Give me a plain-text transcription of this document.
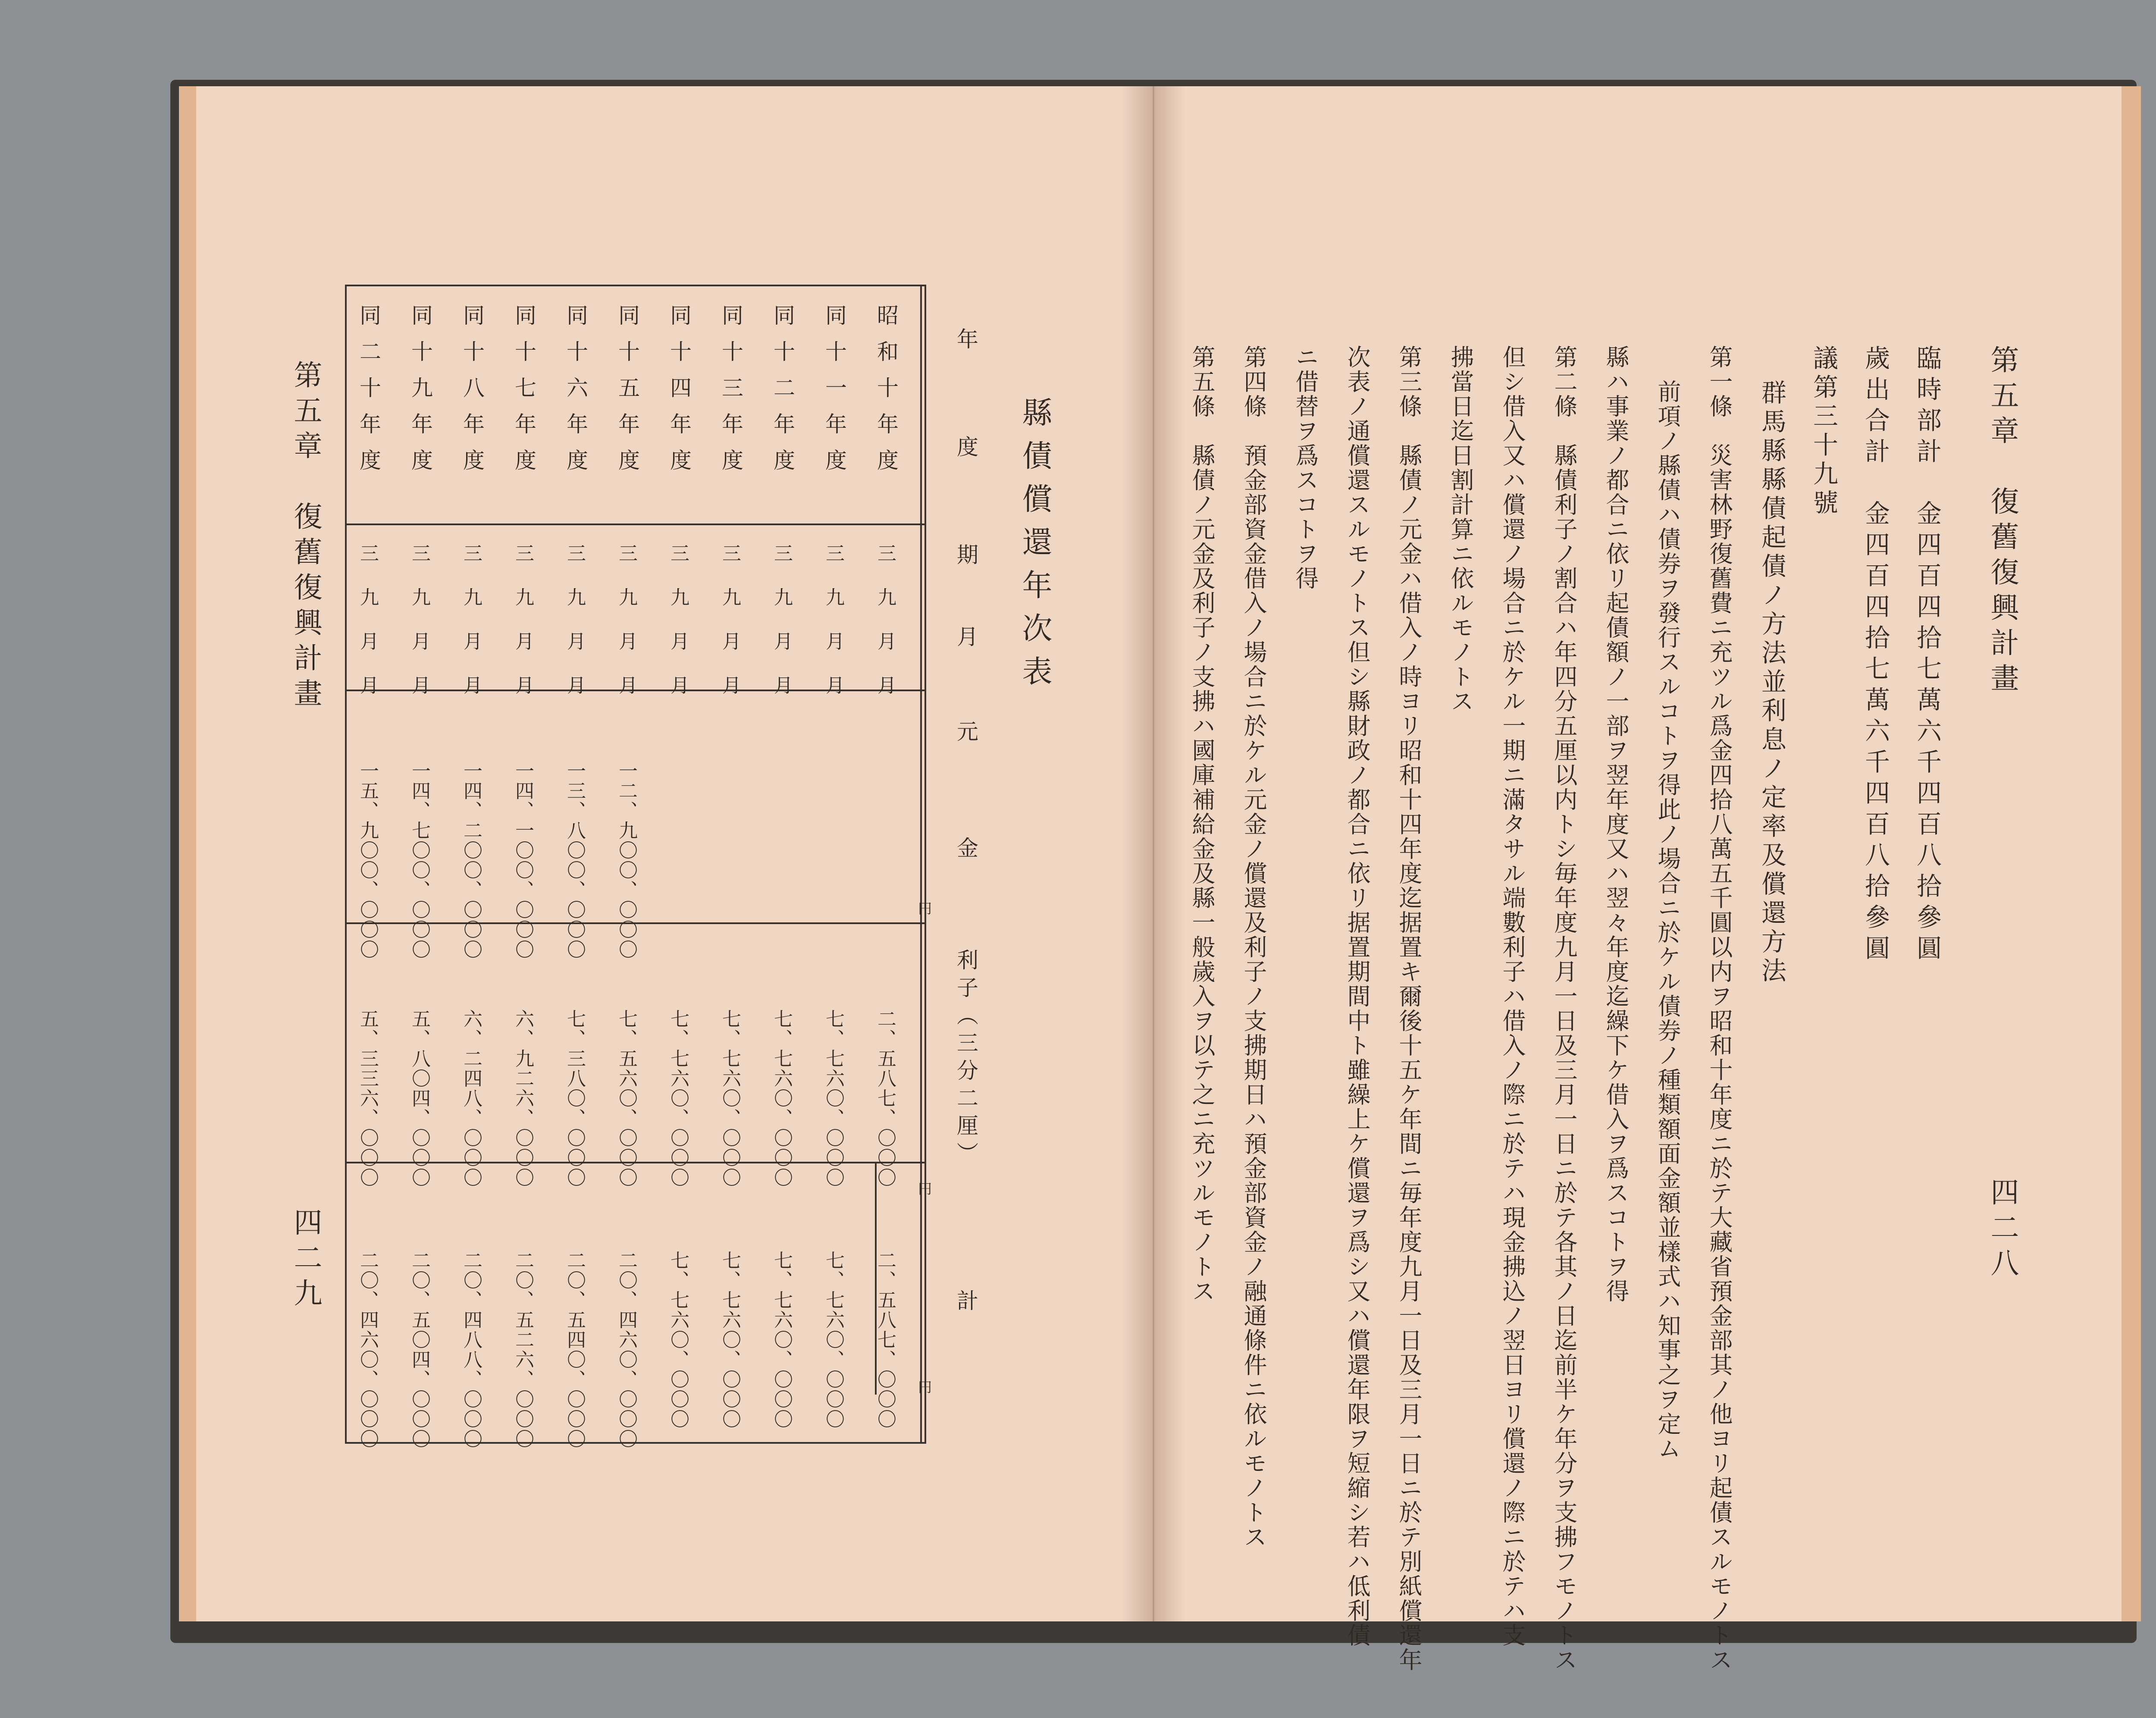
第五章　復舊復興計畫
四二九
縣債償還年次表
年度
期月
元金
利子（三分二厘）
計
円
円
円
昭和十年度
三九月月
二、五八七、〇〇〇
二、五八七、〇〇〇
同十一年度
三九月月
七、七六〇、〇〇〇
七、七六〇、〇〇〇
同十二年度
三九月月
七、七六〇、〇〇〇
七、七六〇、〇〇〇
同十三年度
三九月月
七、七六〇、〇〇〇
七、七六〇、〇〇〇
同十四年度
三九月月
七、七六〇、〇〇〇
七、七六〇、〇〇〇
同十五年度
三九月月
一二、九〇〇、〇〇〇
七、五六〇、〇〇〇
二〇、四六〇、〇〇〇
同十六年度
三九月月
一三、八〇〇、〇〇〇
七、三八〇、〇〇〇
二〇、五四〇、〇〇〇
同十七年度
三九月月
一四、一〇〇、〇〇〇
六、九二六、〇〇〇
二〇、五二六、〇〇〇
同十八年度
三九月月
一四、二〇〇、〇〇〇
六、二四八、〇〇〇
二〇、四八八、〇〇〇
同十九年度
三九月月
一四、七〇〇、〇〇〇
五、八〇四、〇〇〇
二〇、五〇四、〇〇〇
同二十年度
三九月月
一五、九〇〇、〇〇〇
五、三三六、〇〇〇
二〇、四六〇、〇〇〇
第五章　復舊復興計畫
四二八
臨時部計　金四百四拾七萬六千四百八拾參圓
歲出合計　金四百四拾七萬六千四百八拾參圓
議第三十九號
群馬縣縣債起債ノ方法並利息ノ定率及償還方法
第一條　災害林野復舊費ニ充ツル爲金四拾八萬五千圓以内ヲ昭和十年度ニ於テ大藏省預金部其ノ他ヨリ起債スルモノトス
前項ノ縣債ハ債券ヲ發行スルコトヲ得此ノ場合ニ於ケル債券ノ種類額面金額並樣式ハ知事之ヲ定ム
縣ハ事業ノ都合ニ依リ起債額ノ一部ヲ翌年度又ハ翌々年度迄繰下ケ借入ヲ爲スコトヲ得
第二條　縣債利子ノ割合ハ年四分五厘以内トシ毎年度九月一日及三月一日ニ於テ各其ノ日迄前半ケ年分ヲ支拂フモノトス
但シ借入又ハ償還ノ場合ニ於ケル一期ニ滿タサル端數利子ハ借入ノ際ニ於テハ現金拂込ノ翌日ヨリ償還ノ際ニ於テハ支
拂當日迄日割計算ニ依ルモノトス
第三條　縣債ノ元金ハ借入ノ時ヨリ昭和十四年度迄据置キ爾後十五ケ年間ニ毎年度九月一日及三月一日ニ於テ別紙償還年
次表ノ通償還スルモノトス但シ縣財政ノ都合ニ依リ据置期間中ト雖繰上ケ償還ヲ爲シ又ハ償還年限ヲ短縮シ若ハ低利債
ニ借替ヲ爲スコトヲ得
第四條　預金部資金借入ノ場合ニ於ケル元金ノ償還及利子ノ支拂期日ハ預金部資金ノ融通條件ニ依ルモノトス
第五條　縣債ノ元金及利子ノ支拂ハ國庫補給金及縣一般歲入ヲ以テ之ニ充ツルモノトス
